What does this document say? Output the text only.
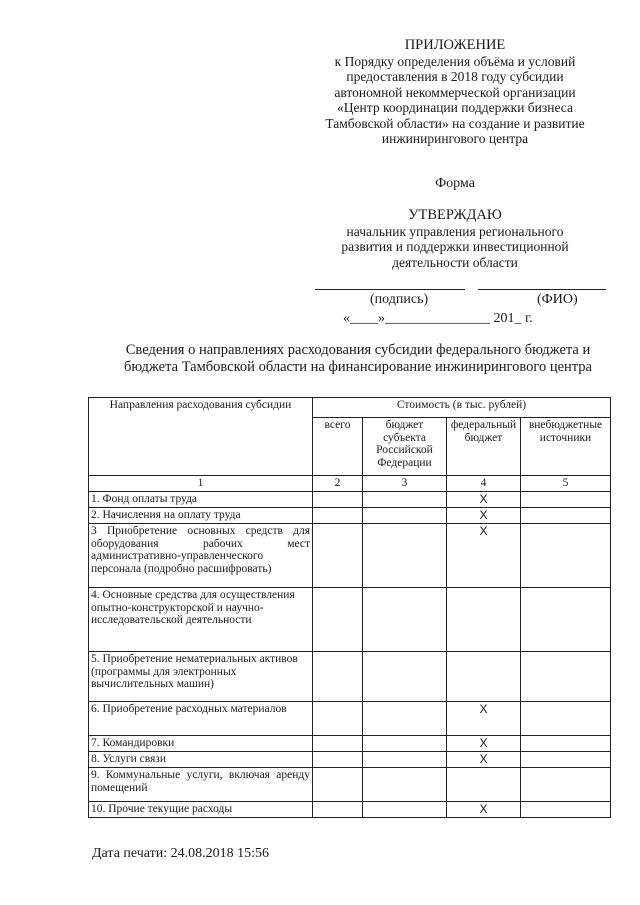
ПРИЛОЖЕНИЕ
к Порядку определения объёма и условий
предоставления в 2018 году субсидии
автономной некоммерческой организации
«Центр координации поддержки бизнеса
Тамбовской области» на создание и развитие
инжинирингового центра
Форма
УТВЕРЖДАЮ
начальник управления регионального
развития и поддержки инвестиционной
деятельности области
(подпись)	(ФИО)
«____»_______________ 201_ г.
Сведения о направлениях расходования субсидии федерального бюджета и
бюджета Тамбовской области на финансирование инжинирингового центра
Направления расходования субсидии	Стоимость (в тыс. рублей)			
	всего	бюджет субъекта Российской Федерации	федеральный бюджет	внебюджетные источники
1	2	3	4	5
1. Фонд оплаты труда			Х	
2. Начисления на оплату труда			Х	
3 Приобретение основных средств для оборудования рабочих мест административно-управленческого персонала (подробно расшифровать)			Х	
4. Основные средства для осуществления опытно-конструкторской и научно-исследовательской деятельности				
5. Приобретение нематериальных активов (программы для электронных вычислительных машин)				
6. Приобретение расходных материалов			Х	
7. Командировки			Х	
8. Услуги связи			Х	
9. Коммунальные услуги, включая аренду помещений				
10. Прочие текущие расходы			Х	
Дата печати: 24.08.2018 15:56
